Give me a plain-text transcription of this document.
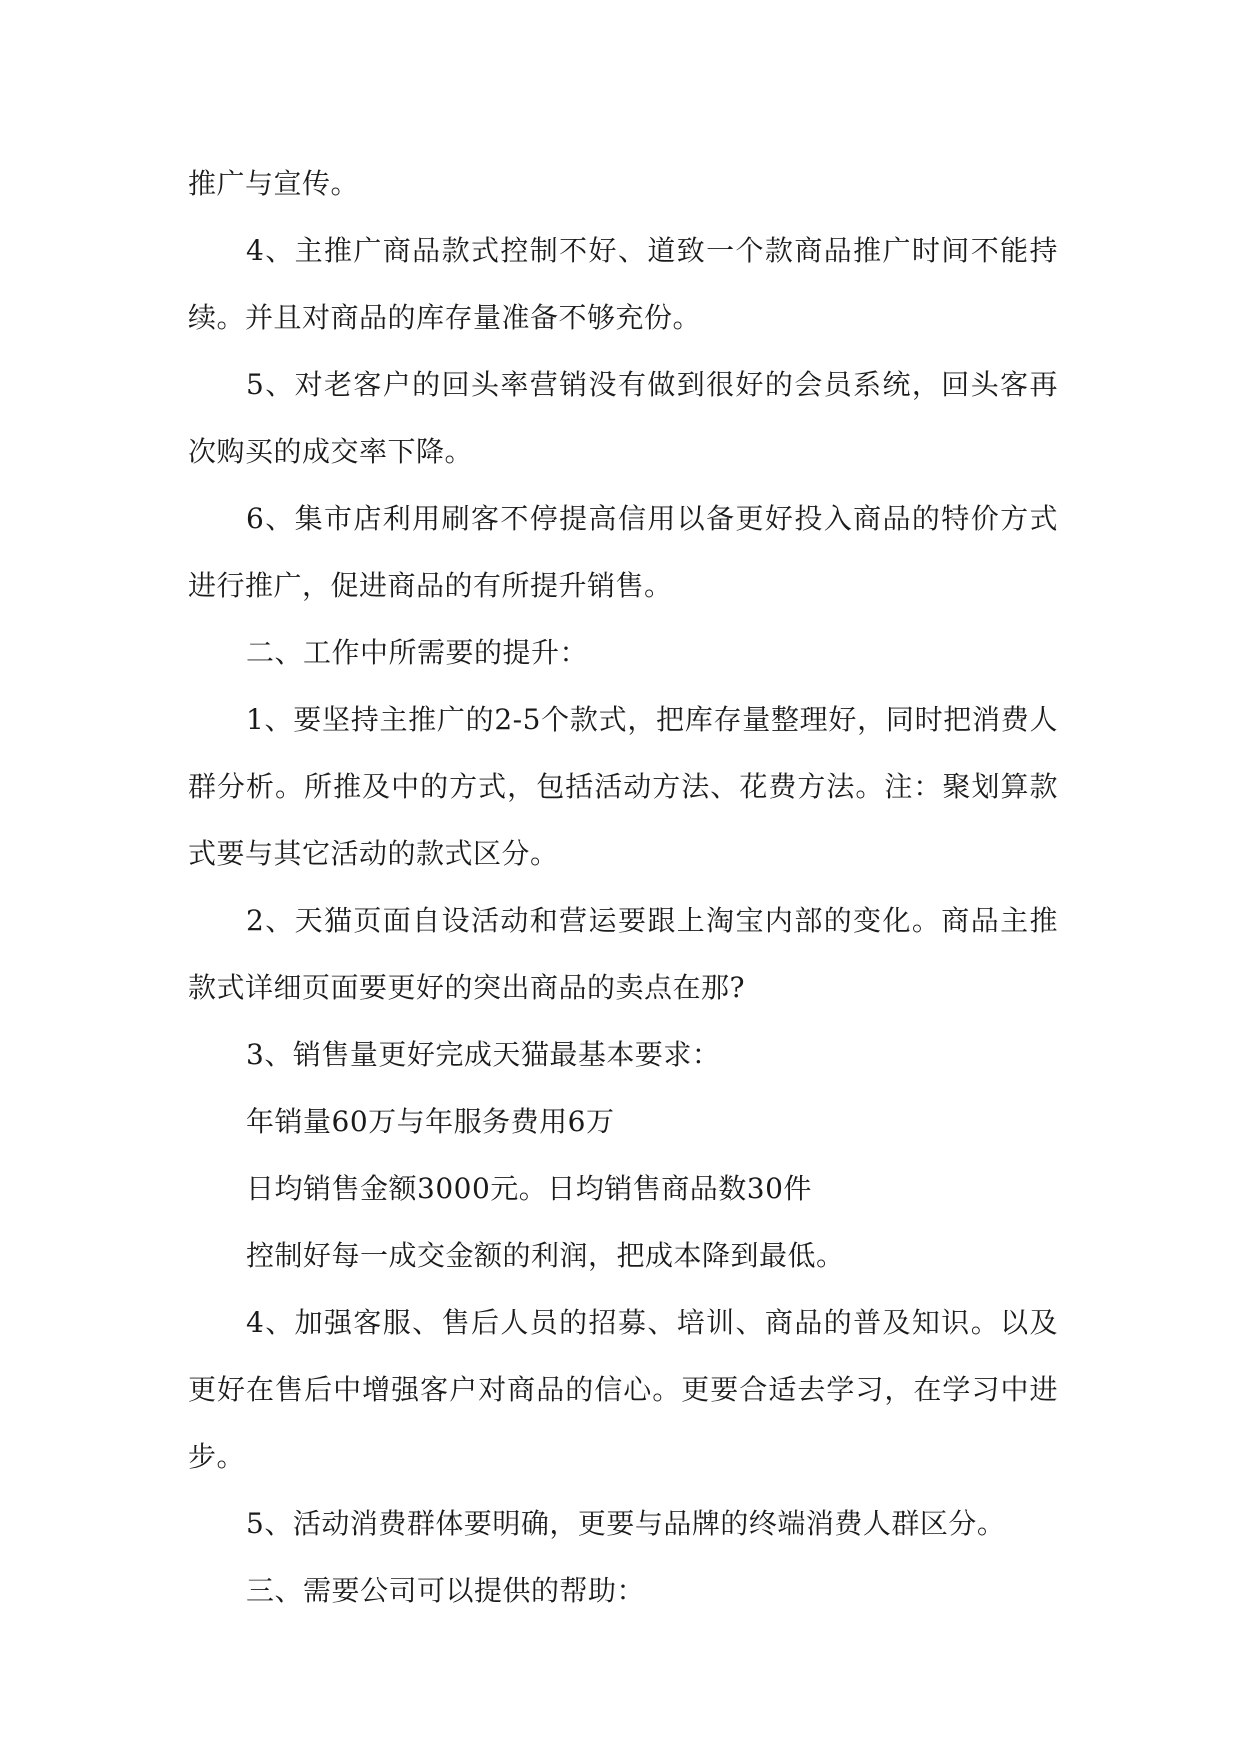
推广与宣传。

4、主推广商品款式控制不好、道致一个款商品推广时间不能持续。并且对商品的库存量准备不够充份。

5、对老客户的回头率营销没有做到很好的会员系统，回头客再次购买的成交率下降。

6、集市店利用刷客不停提高信用以备更好投入商品的特价方式进行推广，促进商品的有所提升销售。

二、工作中所需要的提升：

1、要坚持主推广的2-5个款式，把库存量整理好，同时把消费人群分析。所推及中的方式，包括活动方法、花费方法。注：聚划算款式要与其它活动的款式区分。

2、天猫页面自设活动和营运要跟上淘宝内部的变化。商品主推款式详细页面要更好的突出商品的卖点在那?

3、销售量更好完成天猫最基本要求：

年销量60万与年服务费用6万

日均销售金额3000元。日均销售商品数30件

控制好每一成交金额的利润，把成本降到最低。

4、加强客服、售后人员的招募、培训、商品的普及知识。以及更好在售后中增强客户对商品的信心。更要合适去学习，在学习中进步。

5、活动消费群体要明确，更要与品牌的终端消费人群区分。

三、需要公司可以提供的帮助：
